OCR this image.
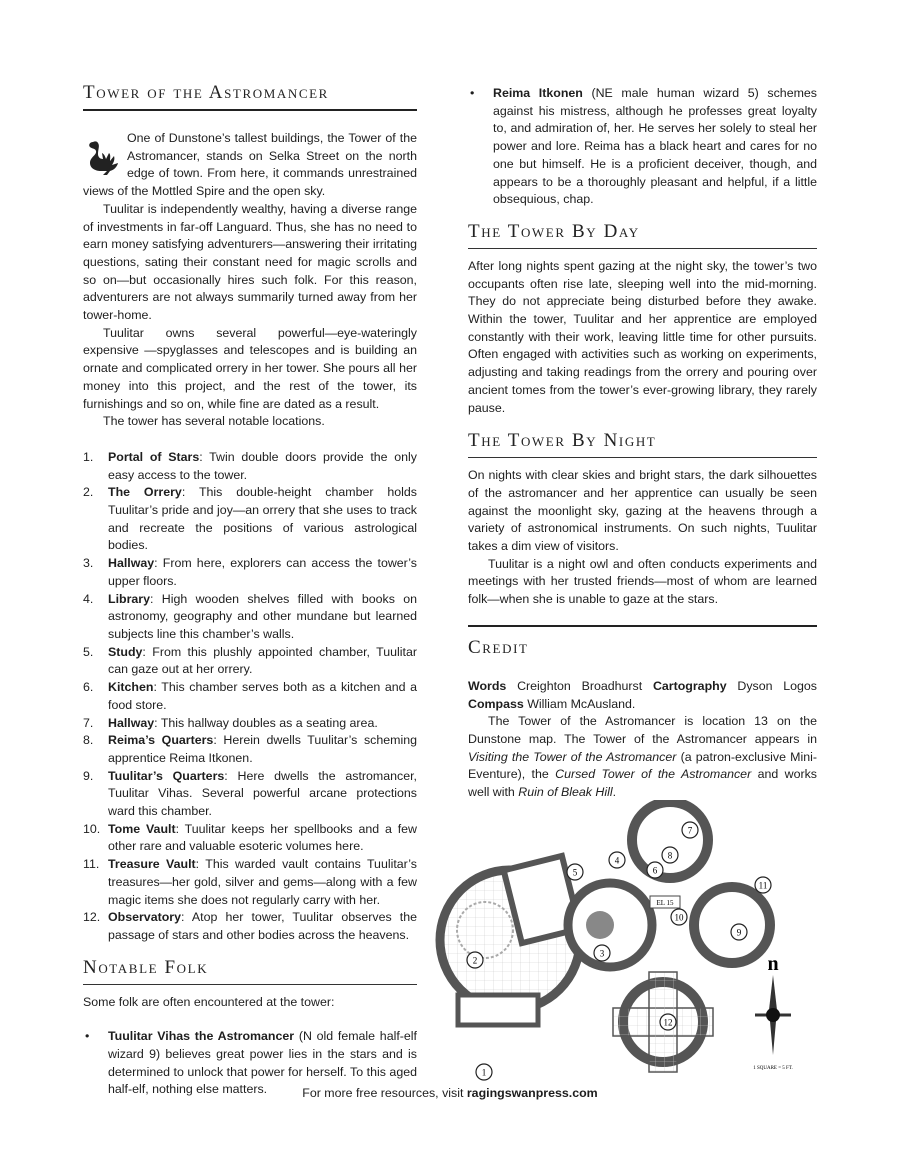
Tower of the Astromancer

One of Dunstone’s tallest buildings, the Tower of the Astromancer, stands on Selka Street on the north edge of town. From here, it commands unrestrained views of the Mottled Spire and the open sky.

Tuulitar is independently wealthy, having a diverse range of investments in far-off Languard. Thus, she has no need to earn money satisfying adventurers—answering their irritating questions, sating their constant need for magic scrolls and so on—but occasionally hires such folk. For this reason, adventurers are not always summarily turned away from her tower-home.

Tuulitar owns several powerful—eye-wateringly expensive —spyglasses and telescopes and is building an ornate and complicated orrery in her tower. She pours all her money into this project, and the rest of the tower, its furnishings and so on, while fine are dated as a result.

The tower has several notable locations.

1. Portal of Stars: Twin double doors provide the only easy access to the tower.
2. The Orrery: This double-height chamber holds Tuulitar’s pride and joy—an orrery that she uses to track and recreate the positions of various astrological bodies.
3. Hallway: From here, explorers can access the tower’s upper floors.
4. Library: High wooden shelves filled with books on astronomy, geography and other mundane but learned subjects line this chamber’s walls.
5. Study: From this plushly appointed chamber, Tuulitar can gaze out at her orrery.
6. Kitchen: This chamber serves both as a kitchen and a food store.
7. Hallway: This hallway doubles as a seating area.
8. Reima’s Quarters: Herein dwells Tuulitar’s scheming apprentice Reima Itkonen.
9. Tuulitar’s Quarters: Here dwells the astromancer, Tuulitar Vihas. Several powerful arcane protections ward this chamber.
10. Tome Vault: Tuulitar keeps her spellbooks and a few other rare and valuable esoteric volumes here.
11. Treasure Vault: This warded vault contains Tuulitar’s treasures—her gold, silver and gems—along with a few magic items she does not regularly carry with her.
12. Observatory: Atop her tower, Tuulitar observes the passage of stars and other bodies across the heavens.
Notable Folk

Some folk are often encountered at the tower:

• Tuulitar Vihas the Astromancer (N old female half-elf wizard 9) believes great power lies in the stars and is determined to unlock that power for herself. To this aged half-elf, nothing else matters.
• Reima Itkonen (NE male human wizard 5) schemes against his mistress, although he professes great loyalty to, and admiration of, her. He serves her solely to steal her power and lore. Reima has a black heart and cares for no one but himself. He is a proficient deceiver, though, and appears to be a thoroughly pleasant and helpful, if a little obsequious, chap.
The Tower By Day

After long nights spent gazing at the night sky, the tower’s two occupants often rise late, sleeping well into the mid-morning. They do not appreciate being disturbed before they awake. Within the tower, Tuulitar and her apprentice are employed constantly with their work, leaving little time for other pursuits. Often engaged with activities such as working on experiments, adjusting and taking readings from the orrery and pouring over ancient tomes from the tower’s ever-growing library, they rarely pause.

The Tower By Night

On nights with clear skies and bright stars, the dark silhouettes of the astromancer and her apprentice can usually be seen against the moonlight sky, gazing at the heavens through a variety of astronomical instruments. On such nights, Tuulitar takes a dim view of visitors.

Tuulitar is a night owl and often conducts experiments and meetings with her trusted friends—most of whom are learned folk—when she is unable to gaze at the stars.

Credit

Words Creighton Broadhurst Cartography Dyson Logos Compass William McAusland.

The Tower of the Astromancer is location 13 on the Dunstone map. The Tower of the Astromancer appears in Visiting the Tower of the Astromancer (a patron-exclusive Mini-Eventure), the Cursed Tower of the Astromancer and works well with Ruin of Bleak Hill.

1
2
3
4
5	6
7
8
9
10
11
12
EL 15
n
1 SQUARE = 5 FT.
For more free resources, visit ragingswanpress.com
